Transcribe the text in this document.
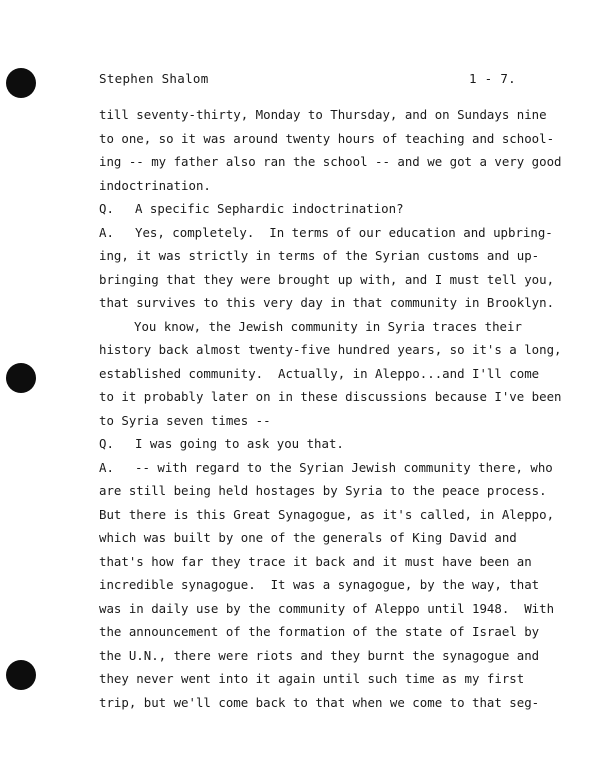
Stephen Shalom	1 - 7.
till seventy-thirty, Monday to Thursday, and on Sundays nine
to one, so it was around twenty hours of teaching and school-
ing -- my father also ran the school -- and we got a very good
indoctrination.
Q. A specific Sephardic indoctrination?
A. Yes, completely.  In terms of our education and upbring-
ing, it was strictly in terms of the Syrian customs and up-
bringing that they were brought up with, and I must tell you,
that survives to this very day in that community in Brooklyn.
You know, the Jewish community in Syria traces their
history back almost twenty-five hundred years, so it's a long,
established community.  Actually, in Aleppo...and I'll come
to it probably later on in these discussions because I've been
to Syria seven times --
Q. I was going to ask you that.
A. -- with regard to the Syrian Jewish community there, who
are still being held hostages by Syria to the peace process.
But there is this Great Synagogue, as it's called, in Aleppo,
which was built by one of the generals of King David and
that's how far they trace it back and it must have been an
incredible synagogue.  It was a synagogue, by the way, that
was in daily use by the community of Aleppo until 1948.  With
the announcement of the formation of the state of Israel by
the U.N., there were riots and they burnt the synagogue and
they never went into it again until such time as my first
trip, but we'll come back to that when we come to that seg-
